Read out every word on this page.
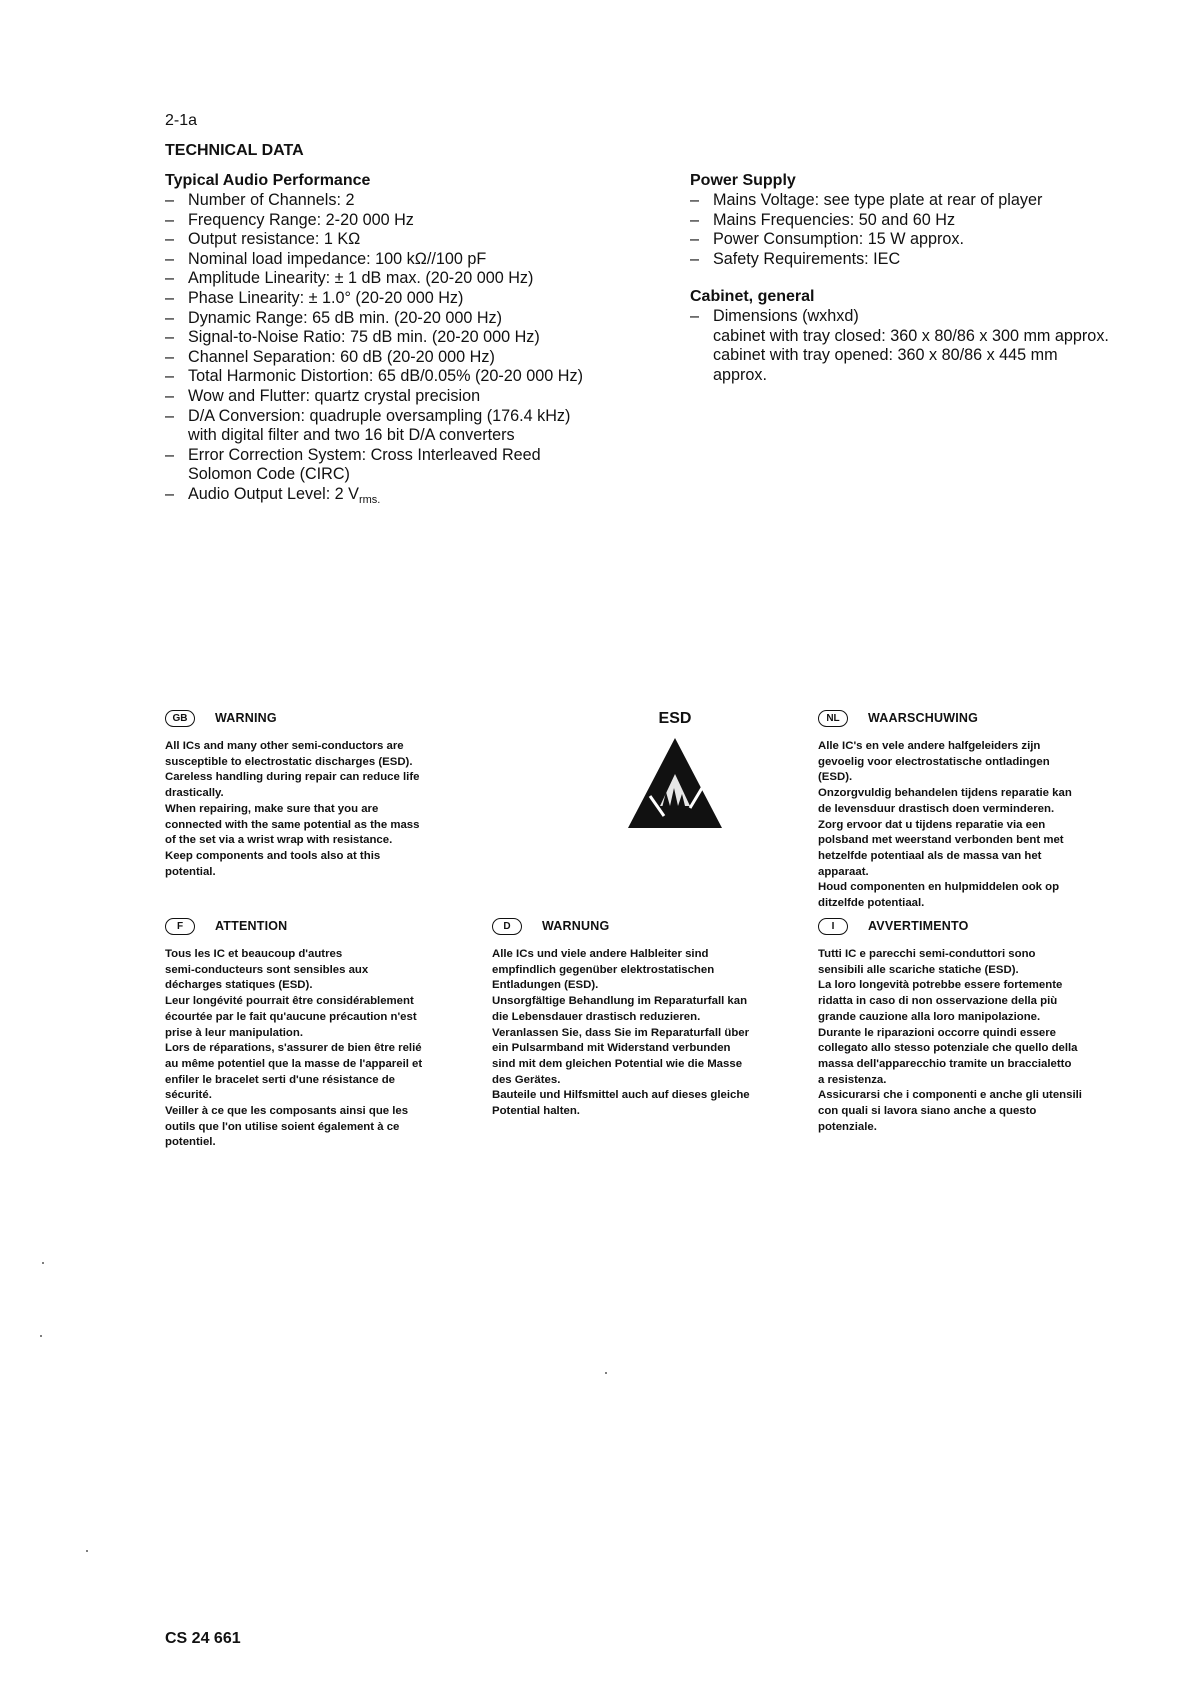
2-1a
TECHNICAL DATA
Typical Audio Performance
– Number of Channels: 2
– Frequency Range: 2-20 000 Hz
– Output resistance: 1 KΩ
– Nominal load impedance: 100 kΩ//100 pF
– Amplitude Linearity: ± 1 dB max. (20-20 000 Hz)
– Phase Linearity: ± 1.0° (20-20 000 Hz)
– Dynamic Range: 65 dB min. (20-20 000 Hz)
– Signal-to-Noise Ratio: 75 dB min. (20-20 000 Hz)
– Channel Separation: 60 dB (20-20 000 Hz)
– Total Harmonic Distortion: 65 dB/0.05% (20-20 000 Hz)
– Wow and Flutter: quartz crystal precision
– D/A Conversion: quadruple oversampling (176.4 kHz)
with digital filter and two 16 bit D/A converters
– Error Correction System: Cross Interleaved Reed
Solomon Code (CIRC)
– Audio Output Level: 2 $V_{rms.}$
Power Supply
– Mains Voltage: see type plate at rear of player
– Mains Frequencies: 50 and 60 Hz
– Power Consumption: 15 W approx.
– Safety Requirements: IEC
Cabinet, general
– Dimensions (wxhxd)
cabinet with tray closed: 360 x 80/86 x 300 mm approx.
cabinet with tray opened: 360 x 80/86 x 445 mm
approx.
GB	WARNING

All ICs and many other semi-conductors are

susceptible to electrostatic discharges (ESD).

Careless handling during repair can reduce life

drastically.

When repairing, make sure that you are

connected with the same potential as the mass

of the set via a wrist wrap with resistance.

Keep components and tools also at this

potential.

ESD	NL	WAARSCHUWING

Alle IC's en vele andere halfgeleiders zijn

gevoelig voor electrostatische ontladingen

(ESD).

Onzorgvuldig behandelen tijdens reparatie kan

de levensduur drastisch doen verminderen.

Zorg ervoor dat u tijdens reparatie via een

polsband met weerstand verbonden bent met

hetzelfde potentiaal als de massa van het

apparaat.

Houd componenten en hulpmiddelen ook op

ditzelfde potentiaal.

F	ATTENTION

Tous les IC et beaucoup d'autres

semi-conducteurs sont sensibles aux

décharges statiques (ESD).

Leur longévité pourrait être considérablement

écourtée par le fait qu'aucune précaution n'est

prise à leur manipulation.

Lors de réparations, s'assurer de bien être relié

au même potentiel que la masse de l'appareil et

enfiler le bracelet serti d'une résistance de

sécurité.

Veiller à ce que les composants ainsi que les

outils que l'on utilise soient également à ce

potentiel.

D	WARNUNG

Alle ICs und viele andere Halbleiter sind

empfindlich gegenüber elektrostatischen

Entladungen (ESD).

Unsorgfältige Behandlung im Reparaturfall kan

die Lebensdauer drastisch reduzieren.

Veranlassen Sie, dass Sie im Reparaturfall über

ein Pulsarmband mit Widerstand verbunden

sind mit dem gleichen Potential wie die Masse

des Gerätes.

Bauteile und Hilfsmittel auch auf dieses gleiche

Potential halten.

I	AVVERTIMENTO

Tutti IC e parecchi semi-conduttori sono

sensibili alle scariche statiche (ESD).

La loro longevità potrebbe essere fortemente

ridatta in caso di non osservazione della più

grande cauzione alla loro manipolazione.

Durante le riparazioni occorre quindi essere

collegato allo stesso potenziale che quello della

massa dell'apparecchio tramite un braccialetto

a resistenza.

Assicurarsi che i componenti e anche gli utensili

con quali si lavora siano anche a questo

potenziale.

CS 24 661
